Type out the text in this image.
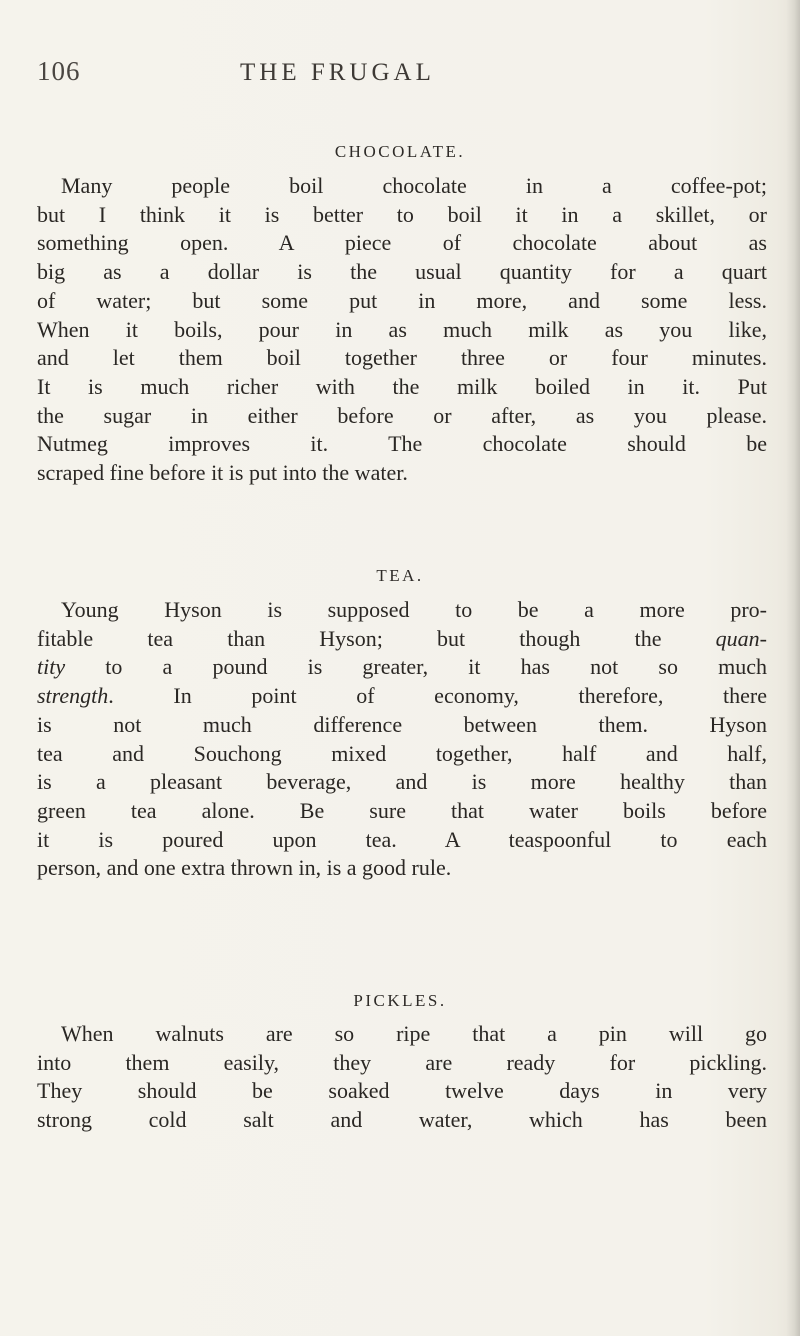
106	THE FRUGAL
CHOCOLATE.
Many people boil chocolate in a coffee-pot;
but I think it is better to boil it in a skillet, or
something open. A piece of chocolate about as
big as a dollar is the usual quantity for a quart
of water; but some put in more, and some less.
When it boils, pour in as much milk as you like,
and let them boil together three or four minutes.
It is much richer with the milk boiled in it. Put
the sugar in either before or after, as you please.
Nutmeg improves it. The chocolate should be
scraped fine before it is put into the water.
TEA.
Young Hyson is supposed to be a more pro-
fitable tea than Hyson; but though the quan-
tity to a pound is greater, it has not so much
strength. In point of economy, therefore, there
is not much difference between them. Hyson
tea and Souchong mixed together, half and half,
is a pleasant beverage, and is more healthy than
green tea alone. Be sure that water boils before
it is poured upon tea. A teaspoonful to each
person, and one extra thrown in, is a good rule.
PICKLES.
When walnuts are so ripe that a pin will go
into them easily, they are ready for pickling.
They should be soaked twelve days in very
strong cold salt and water, which has been
